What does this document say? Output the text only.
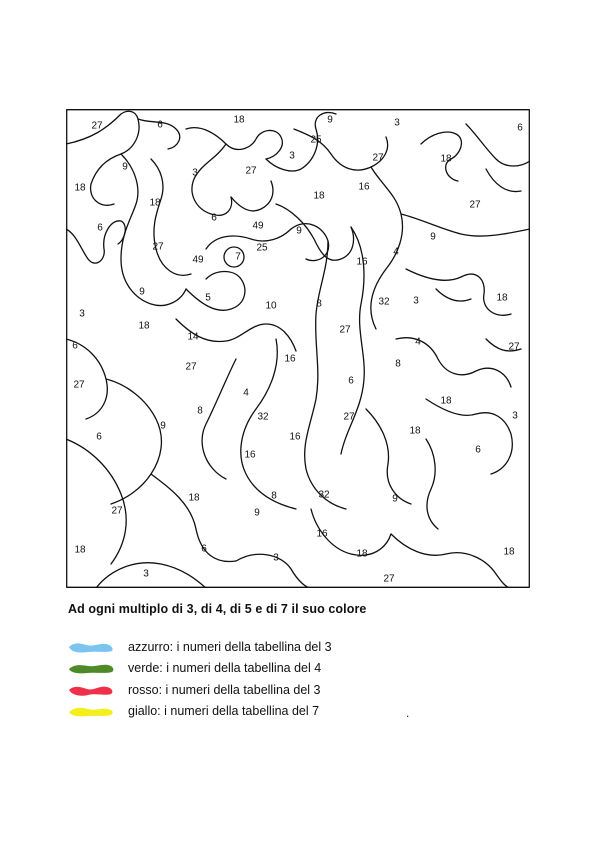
27	6	18	9	3	6
25
3	27	18
9
3	27
18
16
18
18
6
49	9
27
6
27
25
16
4
9
49	7
18
9
32 3
5
8
10
3
18	27
4
14
6
16
27
8
27
6
27
4
32
18
8
16
27	3
9	18
6
16	6
18	8	32
27	9
9
18	6
16
18
3
3
18
27
Ad ogni multiplo di 3, di 4, di 5 e di 7 il suo colore
azzurro: i numeri della tabellina del 3
verde: i numeri della tabellina del 4
rosso: i numeri della tabellina del 3
giallo: i numeri della tabellina del 7	.
